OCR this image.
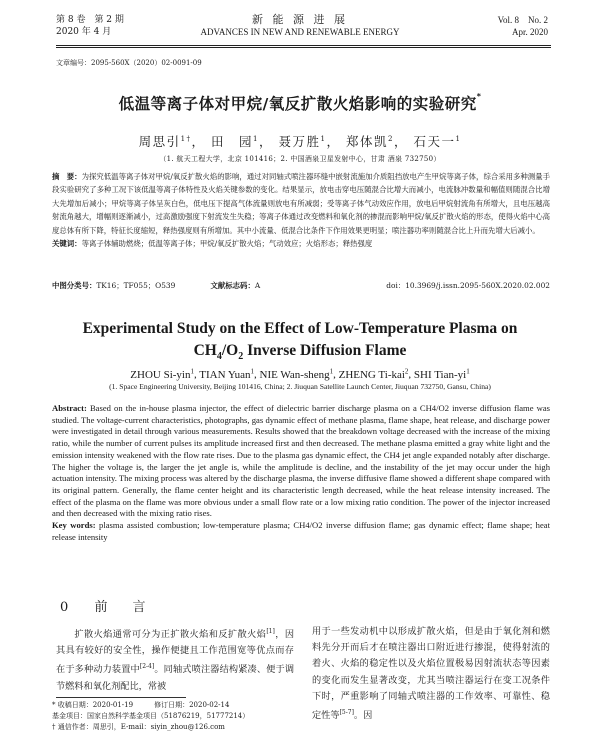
第 8 卷　第 2 期
2020 年 4 月
新 能 源 进 展
ADVANCES IN NEW AND RENEWABLE ENERGY
Vol. 8　No. 2
Apr. 2020
文章编号：2095-560X（2020）02-0091-09
低温等离子体对甲烷/氧反扩散火焰影响的实验研究*
周思引$^{1\dagger}$， 田　园$^1$， 聂万胜$^1$， 郑体凯$^2$， 石天一$^1$
（1. 航天工程大学，北京 101416；2. 中国酒泉卫星发射中心，甘肃 酒泉 732750）
摘　要：为探究低温等离子体对甲烷/氧反扩散火焰的影响，通过对同轴式喷注器环缝中嵌射流施加介质阻挡放电产生甲烷等离子体，综合采用多种测量手段实验研究了多种工况下该低温等离子体特性及火焰关键参数的变化。结果显示，放电击穿电压随混合比增大而减小，电流脉冲数量和幅值则随混合比增大先增加后减小；甲烷等离子体呈灰白色，低电压下提高气体流量则放电有所减弱；受等离子体气动效应作用，放电后甲烷射流角有所增大，且电压越高射流角越大，增幅则逐渐减小，过高激励强度下射流发生失稳；等离子体通过改变燃料和氧化剂的掺混而影响甲烷/氧反扩散火焰的形态，使得火焰中心高度总体有所下降，特征长度缩短，释热强度则有所增加。其中小流量、低混合比条件下作用效果更明显；喷注器功率则随混合比上升而先增大后减小。
关键词：等离子体辅助燃烧；低温等离子体；甲烷/氧反扩散火焰；气动效应；火焰形态；释热强度
中图分类号：TK16；TF055；O539	文献标志码：A	doi：10.3969/j.issn.2095-560X.2020.02.002
Experimental Study on the Effect of Low-Temperature Plasma on
$CH_4/O_2$ Inverse Diffusion Flame
ZHOU Si-yin$^1$, TIAN Yuan$^1$, NIE Wan-sheng$^1$, ZHENG Ti-kai$^2$, SHI Tian-$yi^1$
(1. Space Engineering University, Beijing 101416, China; 2. Jiuquan Satellite Launch Center, Jiuquan 732750, Gansu, China)
Abstract: Based on the in-house plasma injector, the effect of dielectric barrier discharge plasma on a CH4/O2 inverse diffusion flame was studied. The voltage-current characteristics, photographs, gas dynamic effect of methane plasma, flame shape, heat release, and discharge power were investigated in detail through various measurements. Results showed that the breakdown voltage decreased with the increase of the mixing ratio, while the number of current pulses its amplitude increased first and then decreased. The methane plasma emitted a gray white light and the emission intensity weakened with the flow rate rises. Due to the plasma gas dynamic effect, the CH4 jet angle expanded notably after discharge. The higher the voltage is, the larger the jet angle is, while the amplitude is decline, and the instability of the jet may occur under the high actuation intensity. The mixing process was altered by the discharge plasma, the inverse diffusive flame showed a different shape compared with its original pattern. Generally, the flame center height and its characteristic length decreased, while the heat release intensity increased. The effect of the plasma on the flame was more obvious under a small flow rate or a low mixing ratio condition. The power of the injector increased and then decreased with the mixing ratio rises.
Key words: plasma assisted combustion; low-temperature plasma; CH4/O2 inverse diffusion flame; gas dynamic effect; flame shape; heat release intensity
0 前　言
扩散火焰通常可分为正扩散火焰和反扩散火焰[1]，因其具有较好的安全性，操作便捷且工作范围宽等优点而存在于多种动力装置中[2-4]。同轴式喷注器结构紧凑、便于调节燃料和氧化剂配比，常被
用于一些发动机中以形成扩散火焰，但是由于氧化剂和燃料先分开而后才在喷注器出口附近进行掺混，使得射流的着火、火焰的稳定性以及火焰位置极易因射流状态等因素的变化而发生显著改变，尤其当喷注器运行在变工况条件下时，严重影响了同轴式喷注器的工作效率、可靠性、稳定性等[5-7]。因
* 收稿日期：2020-01-19　　　修订日期：2020-02-14
基金项目：国家自然科学基金项目（51876219，51777214）
† 通信作者：周思引，E-mail：siyin_zhou@126.com
